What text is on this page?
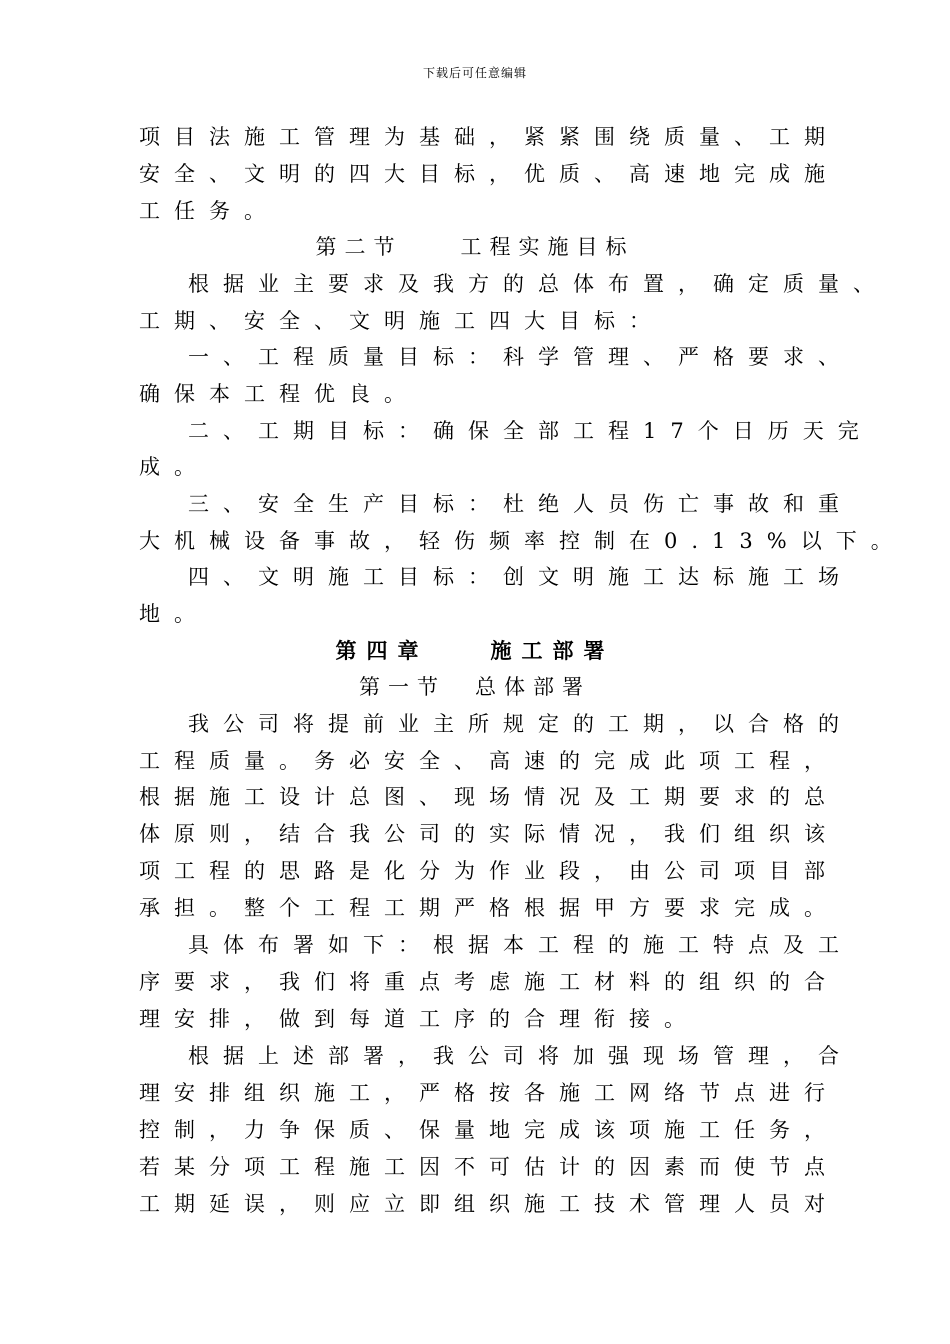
下载后可任意编辑
项目法施工管理为基础，紧紧围绕质量、工期
安全、文明的四大目标，优质、高速地完成施
工任务。
第二节　　工程实施目标
根据业主要求及我方的总体布置，确定质量、
工期、安全、文明施工四大目标：
一、工程质量目标：科学管理、严格要求、
确保本工程优良。
二、工期目标：确保全部工程17个日历天完
成。
三、安全生产目标：杜绝人员伤亡事故和重
大机械设备事故，轻伤频率控制在0.13%以下。
四、文明施工目标：创文明施工达标施工场
地。
第四章　　施工部署
第一节　总体部署
我公司将提前业主所规定的工期，以合格的
工程质量。务必安全、高速的完成此项工程，
根据施工设计总图、现场情况及工期要求的总
体原则，结合我公司的实际情况，我们组织该
项工程的思路是化分为作业段，由公司项目部
承担。整个工程工期严格根据甲方要求完成。
具体布署如下：根据本工程的施工特点及工
序要求，我们将重点考虑施工材料的组织的合
理安排，做到每道工序的合理衔接。
根据上述部署，我公司将加强现场管理，合
理安排组织施工，严格按各施工网络节点进行
控制，力争保质、保量地完成该项施工任务，
若某分项工程施工因不可估计的因素而使节点
工期延误，则应立即组织施工技术管理人员对
